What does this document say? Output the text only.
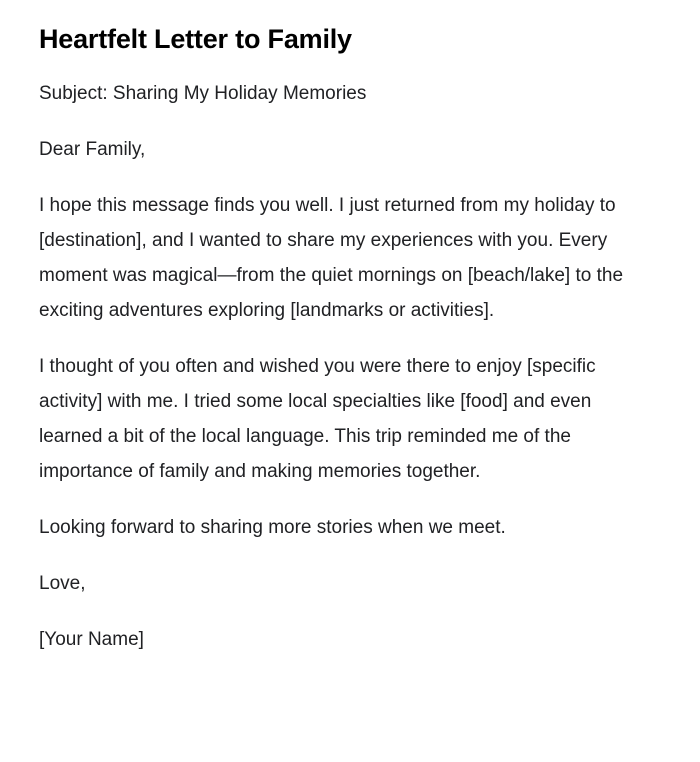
Heartfelt Letter to Family

Subject: Sharing My Holiday Memories

Dear Family,

I hope this message finds you well. I just returned from my holiday to [destination], and I wanted to share my experiences with you. Every moment was magical—from the quiet mornings on [beach/lake] to the exciting adventures exploring [landmarks or activities].

I thought of you often and wished you were there to enjoy [specific activity] with me. I tried some local specialties like [food] and even learned a bit of the local language. This trip reminded me of the importance of family and making memories together.

Looking forward to sharing more stories when we meet.

Love,

[Your Name]
